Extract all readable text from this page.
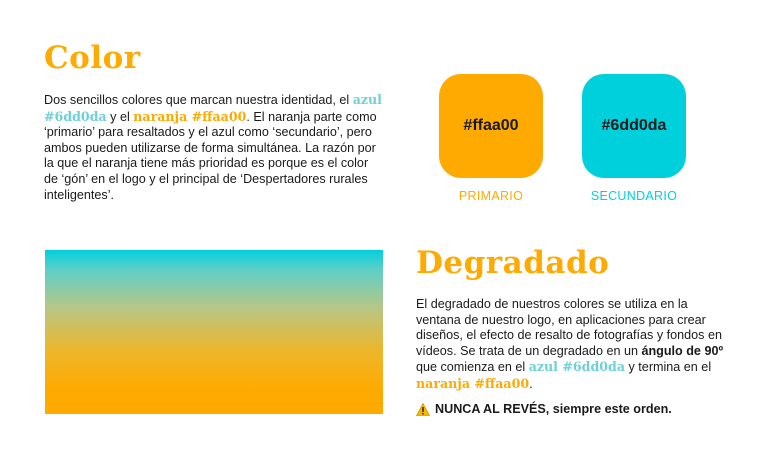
Color

Dos sencillos colores que marcan nuestra identidad, el azul #6dd0da y el naranja #ffaa00. El naranja parte como ‘primario’ para resaltados y el azul como ‘secundario’, pero ambos pueden utilizarse de forma simultánea. La razón por la que el naranja tiene más prioridad es porque es el color de ‘gón’ en el logo y el principal de ‘Despertadores rurales inteligentes’.

#ffaa00	#6dd0da
PRIMARIO	SECUNDARIO
Degradado

El degradado de nuestros colores se utiliza en la ventana de nuestro logo, en aplicaciones para crear diseños, el efecto de resalto de fotografías y fondos en vídeos. Se trata de un degradado en un ángulo de 90º que comienza en el azul #6dd0da y termina en el naranja #ffaa00.

NUNCA AL REVÉS, siempre este orden.
